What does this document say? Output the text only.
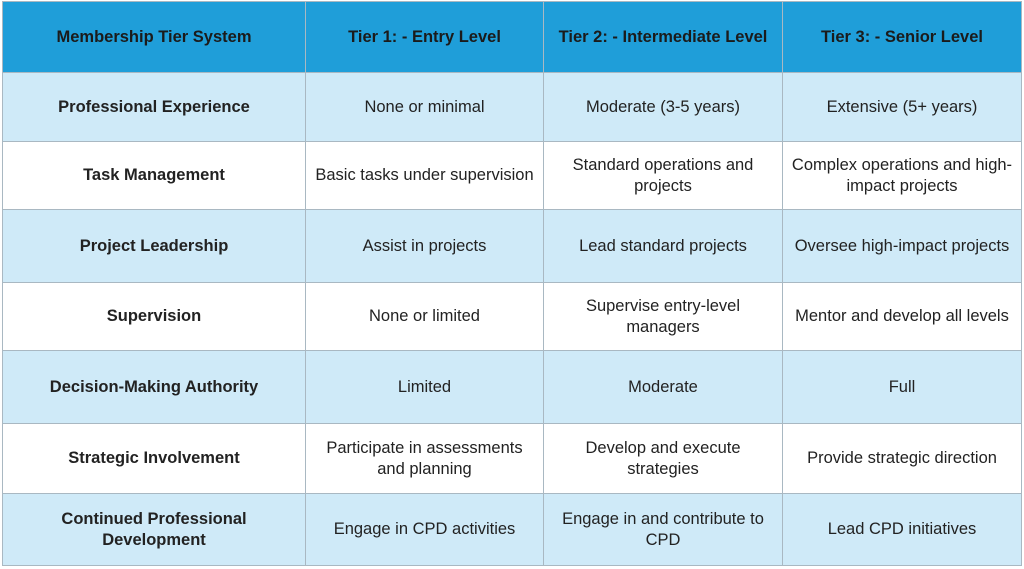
Membership Tier System	Tier 1: - Entry Level	Tier 2: - Intermediate Level	Tier 3: - Senior Level
Professional Experience	None or minimal	Moderate (3-5 years)	Extensive (5+ years)
Task Management	Basic tasks under supervision	Standard operations and projects	Complex operations and high-impact projects
Project Leadership	Assist in projects	Lead standard projects	Oversee high-impact projects
Supervision	None or limited	Supervise entry-level managers	Mentor and develop all levels
Decision-Making Authority	Limited	Moderate	Full
Strategic Involvement	Participate in assessments and planning	Develop and execute strategies	Provide strategic direction
Continued Professional Development	Engage in CPD activities	Engage in and contribute to CPD	Lead CPD initiatives
